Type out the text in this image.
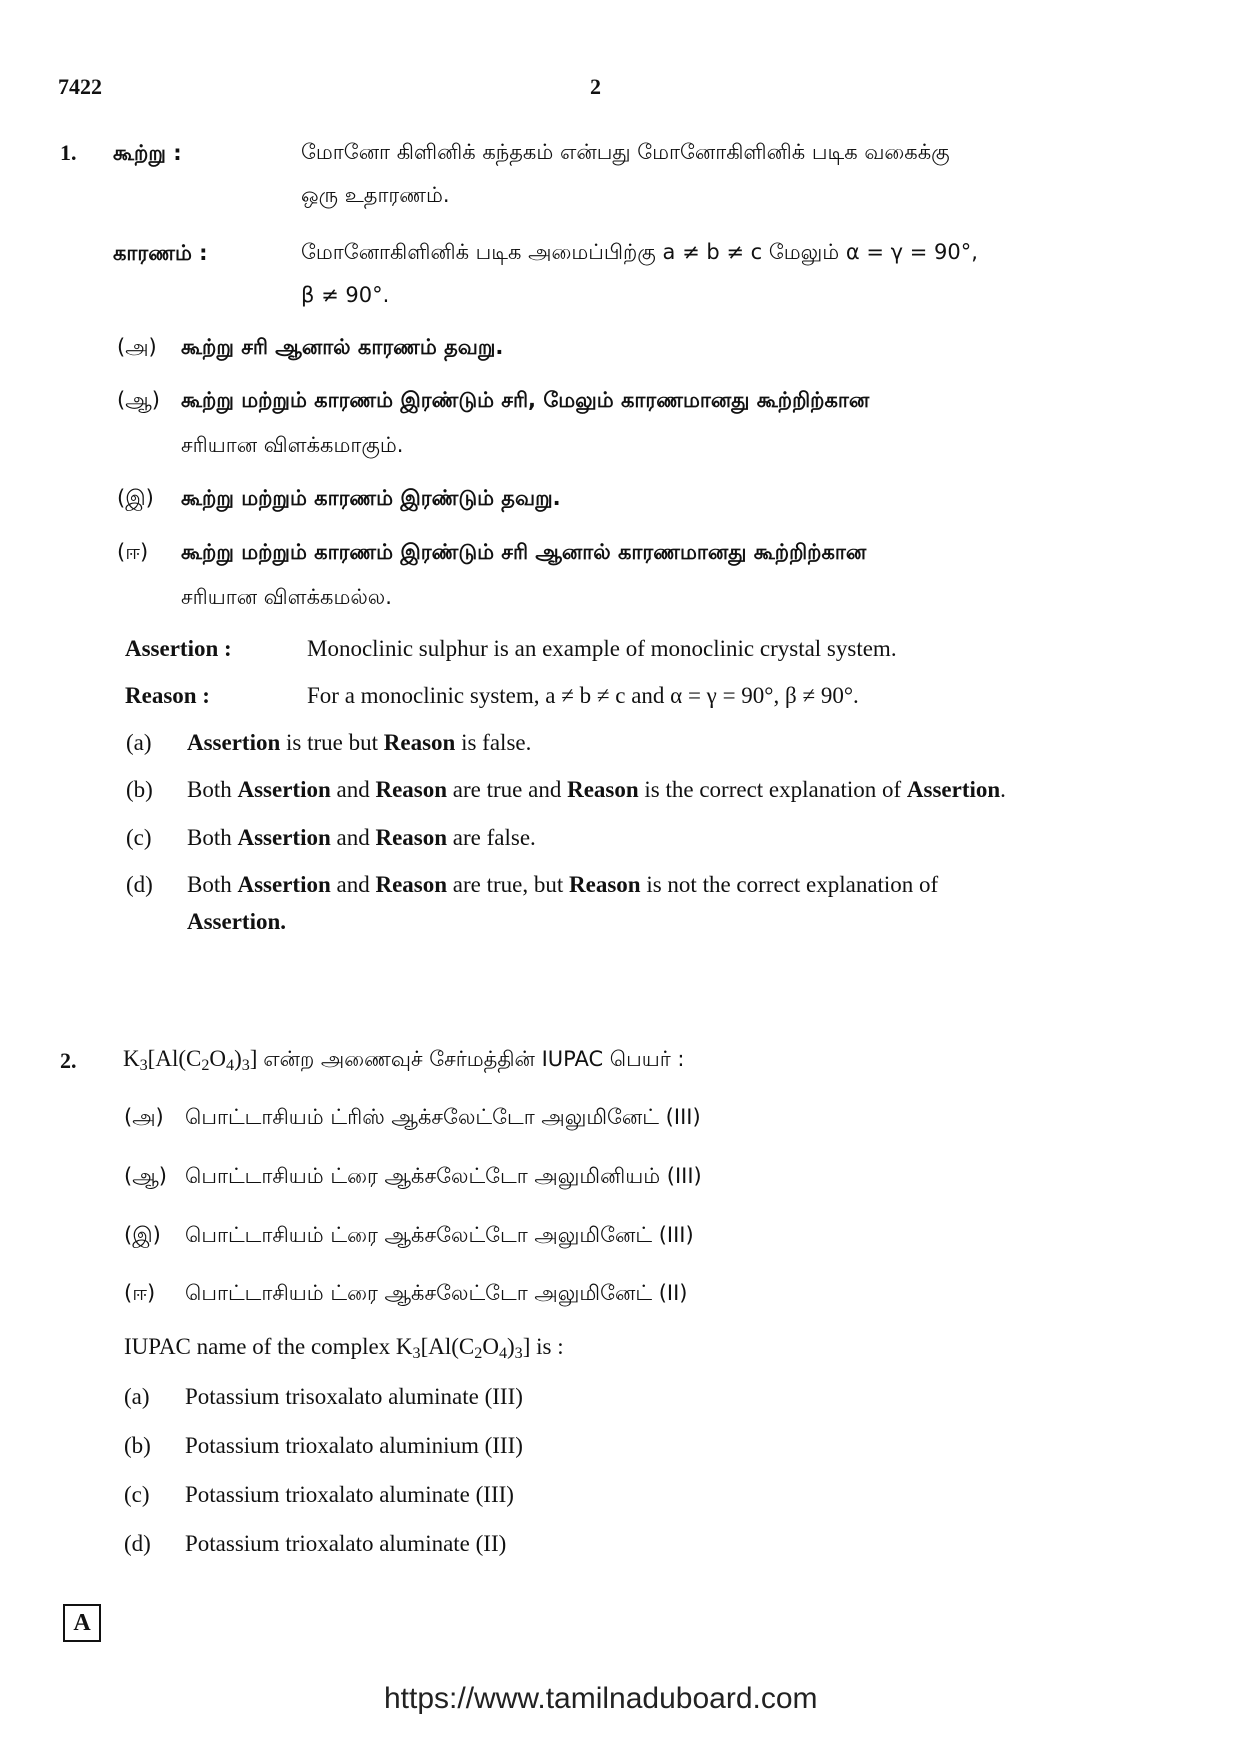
7422	2
1. கூற்று :	மோனோ கிளினிக் கந்தகம் என்பது மோனோகிளினிக் படிக வகைக்கு
ஒரு உதாரணம்.
காரணம் :	மோனோகிளினிக் படிக அமைப்பிற்கு a ≠ b ≠ c மேலும் α = γ = 90°,
β ≠ 90°.
(அ) கூற்று சரி ஆனால் காரணம் தவறு.
(ஆ) கூற்று மற்றும் காரணம் இரண்டும் சரி, மேலும் காரணமானது கூற்றிற்கான
சரியான விளக்கமாகும்.
(இ) கூற்று மற்றும் காரணம் இரண்டும் தவறு.
(ஈ) கூற்று மற்றும் காரணம் இரண்டும் சரி ஆனால் காரணமானது கூற்றிற்கான
சரியான விளக்கமல்ல.
Assertion :	Monoclinic sulphur is an example of monoclinic crystal system.
Reason :	For a monoclinic system, a ≠ b ≠ c and α = γ = 90°, β ≠ 90°.
(a) Assertion is true but Reason is false.
(b) Both Assertion and Reason are true and Reason is the correct explanation of Assertion.
(c) Both Assertion and Reason are false.
(d) Both Assertion and Reason are true, but Reason is not the correct explanation of
Assertion.
2. $K_3[Al(C_2O_4)_3]$ என்ற அணைவுச் சேர்மத்தின் IUPAC பெயர் :
(அ) பொட்டாசியம் ட்ரிஸ் ஆக்சலேட்டோ அலுமினேட் (III)
(ஆ) பொட்டாசியம் ட்ரை ஆக்சலேட்டோ அலுமினியம் (III)
(இ) பொட்டாசியம் ட்ரை ஆக்சலேட்டோ அலுமினேட் (III)
(ஈ) பொட்டாசியம் ட்ரை ஆக்சலேட்டோ அலுமினேட் (II)
IUPAC name of the complex $K_3[Al(C_2O_4)_3]$ is :
(a) Potassium trisoxalato aluminate (III)
(b) Potassium trioxalato aluminium (III)
(c) Potassium trioxalato aluminate (III)
(d) Potassium trioxalato aluminate (II)
A
https://www.tamilnaduboard.com
